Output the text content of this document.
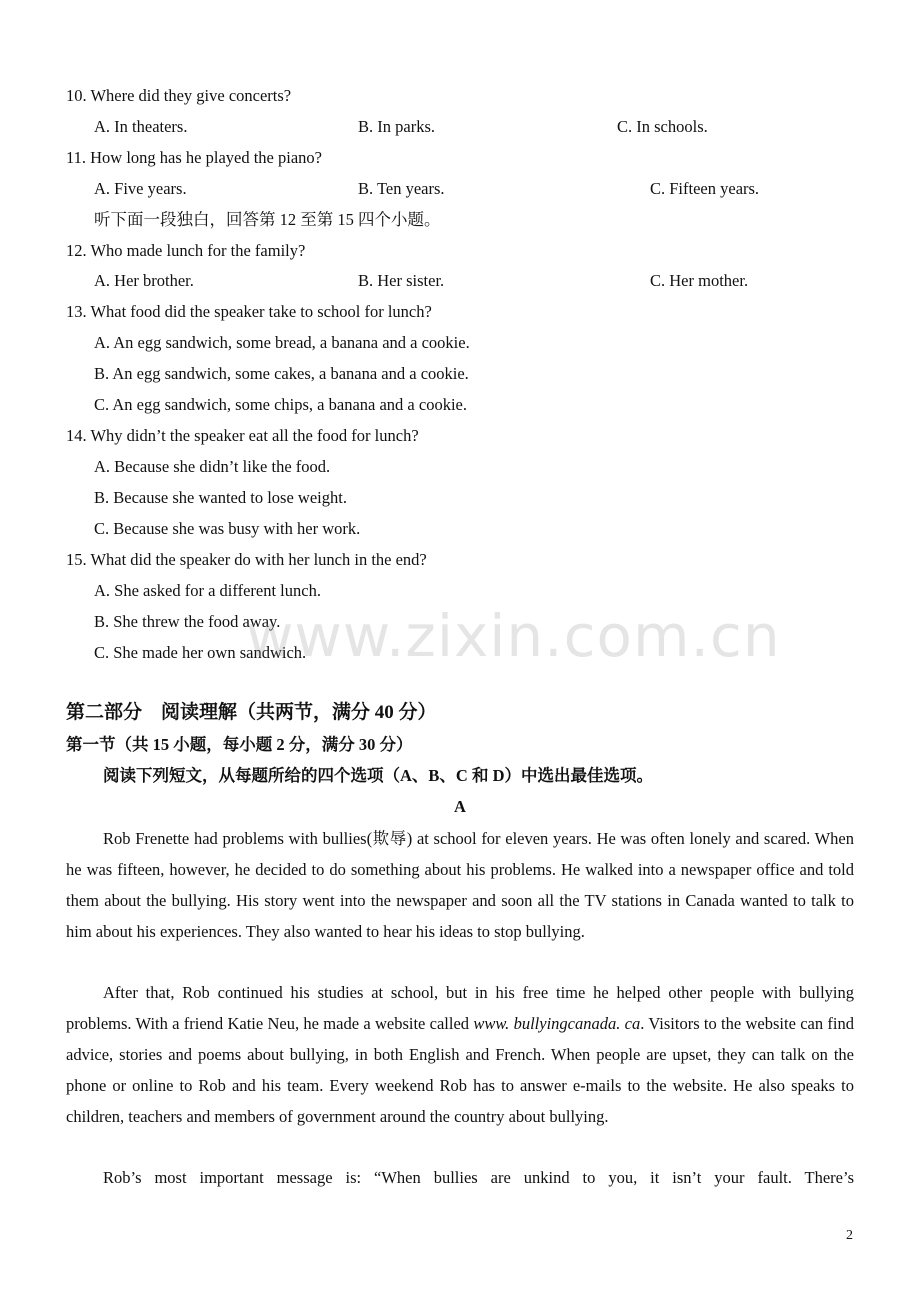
10. Where did they give concerts?
A. In theaters.	B. In parks.	C. In schools.
11. How long has he played the piano?
A. Five years.	B. Ten years.	C. Fifteen years.
听下面一段独白，回答第 12 至第 15 四个小题。
12. Who made lunch for the family?
A. Her brother.	B. Her sister.	C. Her mother.
13. What food did the speaker take to school for lunch?
A. An egg sandwich, some bread, a banana and a cookie.
B. An egg sandwich, some cakes, a banana and a cookie.
C. An egg sandwich, some chips, a banana and a cookie.
14. Why didn’t the speaker eat all the food for lunch?
A. Because she didn’t like the food.
B. Because she wanted to lose weight.
C. Because she was busy with her work.
15. What did the speaker do with her lunch in the end?
A. She asked for a different lunch.
B. She threw the food away.
C. She made her own sandwich.
www.zixin.com.cn
第二部分　阅读理解（共两节，满分 40 分）
第一节（共 15 小题，每小题 2 分，满分 30 分）
阅读下列短文，从每题所给的四个选项（A、B、C 和 D）中选出最佳选项。
A
Rob Frenette had problems with bullies(欺辱) at school for eleven years. He was often lonely and scared. When he was fifteen, however, he decided to do something about his problems. He walked into a newspaper office and told them about the bullying. His story went into the newspaper and soon all the TV stations in Canada wanted to talk to him about his experiences. They also wanted to hear his ideas to stop bullying.
After that, Rob continued his studies at school, but in his free time he helped other people with bullying problems. With a friend Katie Neu, he made a website called www. bullyingcanada. ca. Visitors to the website can find advice, stories and poems about bullying, in both English and French. When people are upset, they can talk on the phone or online to Rob and his team. Every weekend Rob has to answer e-mails to the website. He also speaks to children, teachers and members of government around the country about bullying.
Rob’s most important message is: “When bullies are unkind to you, it isn’t your fault. There’s
2
